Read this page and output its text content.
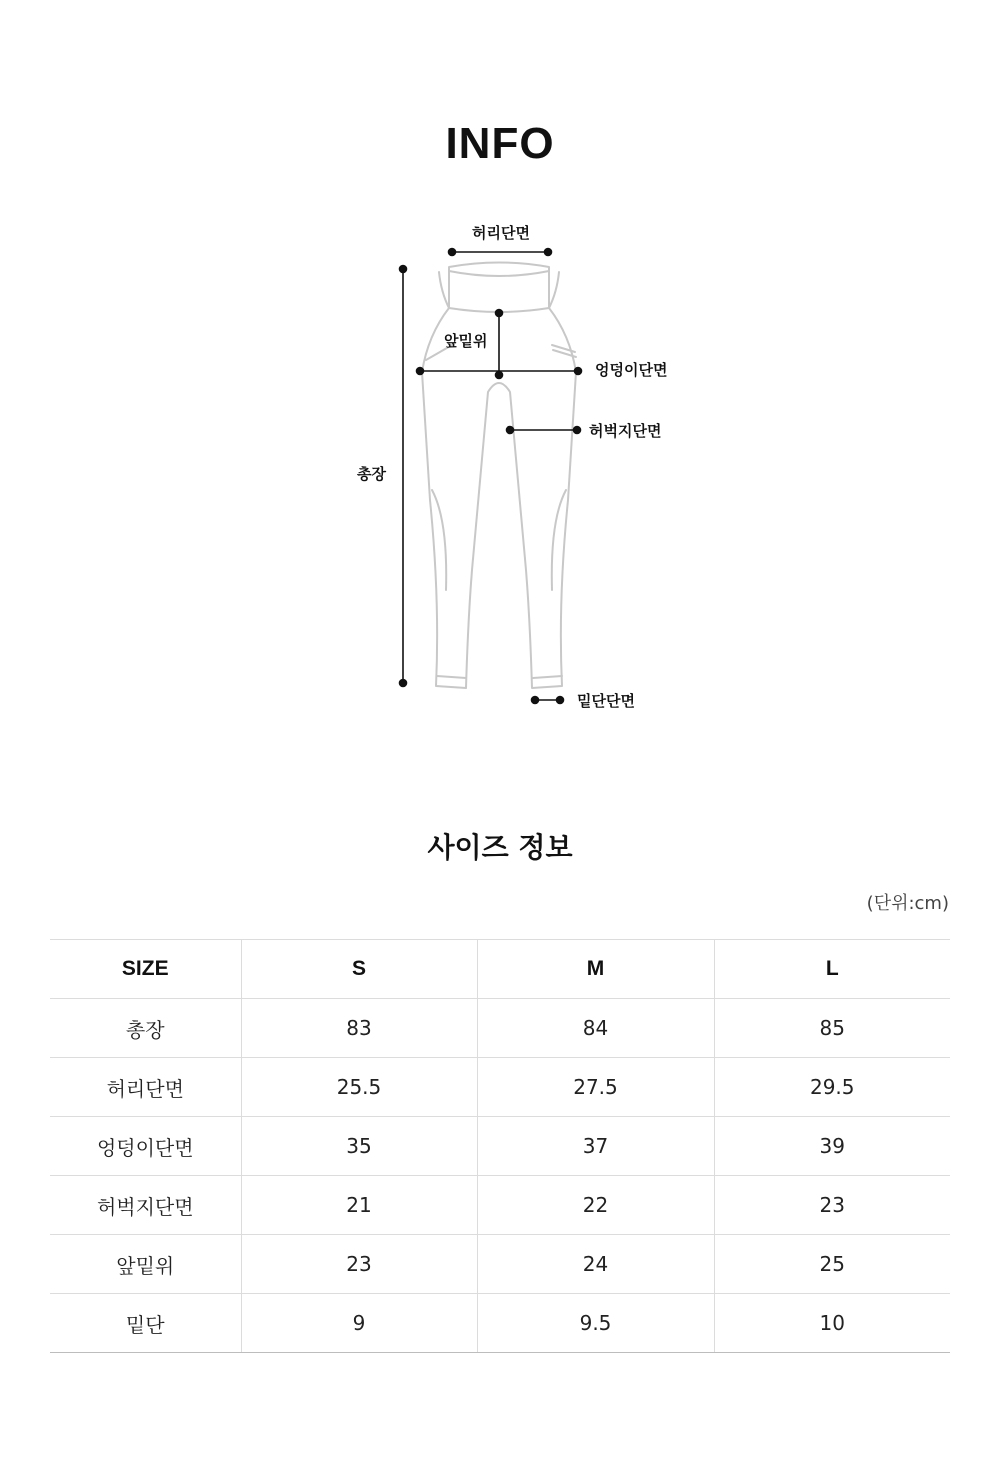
INFO
허리단면
앞밑위
엉덩이단면
허벅지단면
총장
밑단단면
사이즈 정보
(단위:cm)
SIZE	S	M	L
총장	83	84	85
허리단면	25.5	27.5	29.5
엉덩이단면	35	37	39
허벅지단면	21	22	23
앞밑위	23	24	25
밑단	9	9.5	10
